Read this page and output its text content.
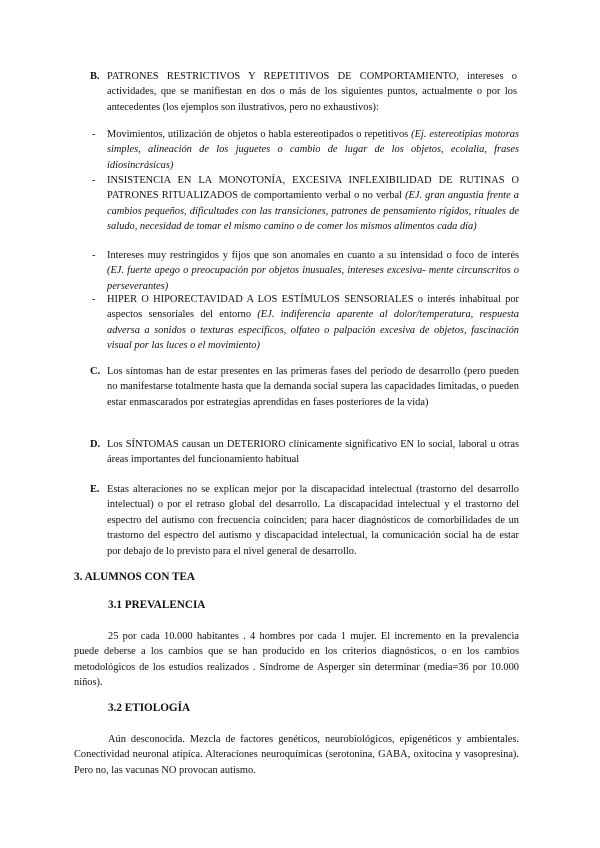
B. PATRONES RESTRICTIVOS Y REPETITIVOS DE COMPORTAMIENTO, intereses o actividades, que se manifiestan en dos o más de los siguientes puntos, actualmente o por los antecedentes (los ejemplos son ilustrativos, pero no exhaustivos):
- Movimientos, utilización de objetos o habla estereotipados o repetitivos (Ej. estereotipias motoras simples, alineación de los juguetes o cambio de lugar de los objetos, ecolalia, frases idiosincrásicas)
- INSISTENCIA EN LA MONOTONÍA, EXCESIVA INFLEXIBILIDAD DE RUTINAS O PATRONES RITUALIZADOS de comportamiento verbal o no verbal (EJ. gran angustia frente a cambios pequeños, dificultades con las transiciones, patrones de pensamiento rígidos, rituales de saludo, necesidad de tomar el mismo camino o de comer los mismos alimentos cada día)
- Intereses muy restringidos y fijos que son anomales en cuanto a su intensidad o foco de interés (EJ. fuerte apego o preocupación por objetos inusuales, intereses excesiva- mente circunscritos o perseverantes)
- HIPER O HIPORECTAVIDAD A LOS ESTÍMULOS SENSORIALES o interés inhabitual por aspectos sensoriales del entorno (EJ. indiferencia aparente al dolor/temperatura, respuesta adversa a sonidos o texturas específicos, olfateo o palpación excesiva de objetos, fascinación visual por las luces o el movimiento)
C. Los síntomas han de estar presentes en las primeras fases del periodo de desarrollo (pero pueden no manifestarse totalmente hasta que la demanda social supera las capacidades limitadas, o pueden estar enmascarados por estrategias aprendidas en fases posteriores de la vida)
D. Los SÍNTOMAS causan un DETERIORO clínicamente significativo EN lo social, laboral u otras áreas importantes del funcionamiento habitual
E. Estas alteraciones no se explican mejor por la discapacidad intelectual (trastorno del desarrollo intelectual) o por el retraso global del desarrollo. La discapacidad intelectual y el trastorno del espectro del autismo con frecuencia coinciden; para hacer diagnósticos de comorbilidades de un trastorno del espectro del autismo y discapacidad intelectual, la comunicación social ha de estar por debajo de lo previsto para el nivel general de desarrollo.
3. ALUMNOS CON TEA
3.1 PREVALENCIA
25 por cada 10.000 habitantes . 4 hombres por cada 1 mujer. El incremento en la prevalencia puede deberse a los cambios que se han producido en los criterios diagnósticos, o en los cambios metodológicos de los estudios realizados . Síndrome de Asperger sin determinar (media=36 por 10.000 niños).
3.2 ETIOLOGÍA
Aún desconocida. Mezcla de factores genéticos, neurobiológicos, epigenéticos y ambientales. Conectividad neuronal atípica. Alteraciones neuroquímicas (serotonina, GABA, oxitocina y vasopresina). Pero no, las vacunas NO provocan autismo.
